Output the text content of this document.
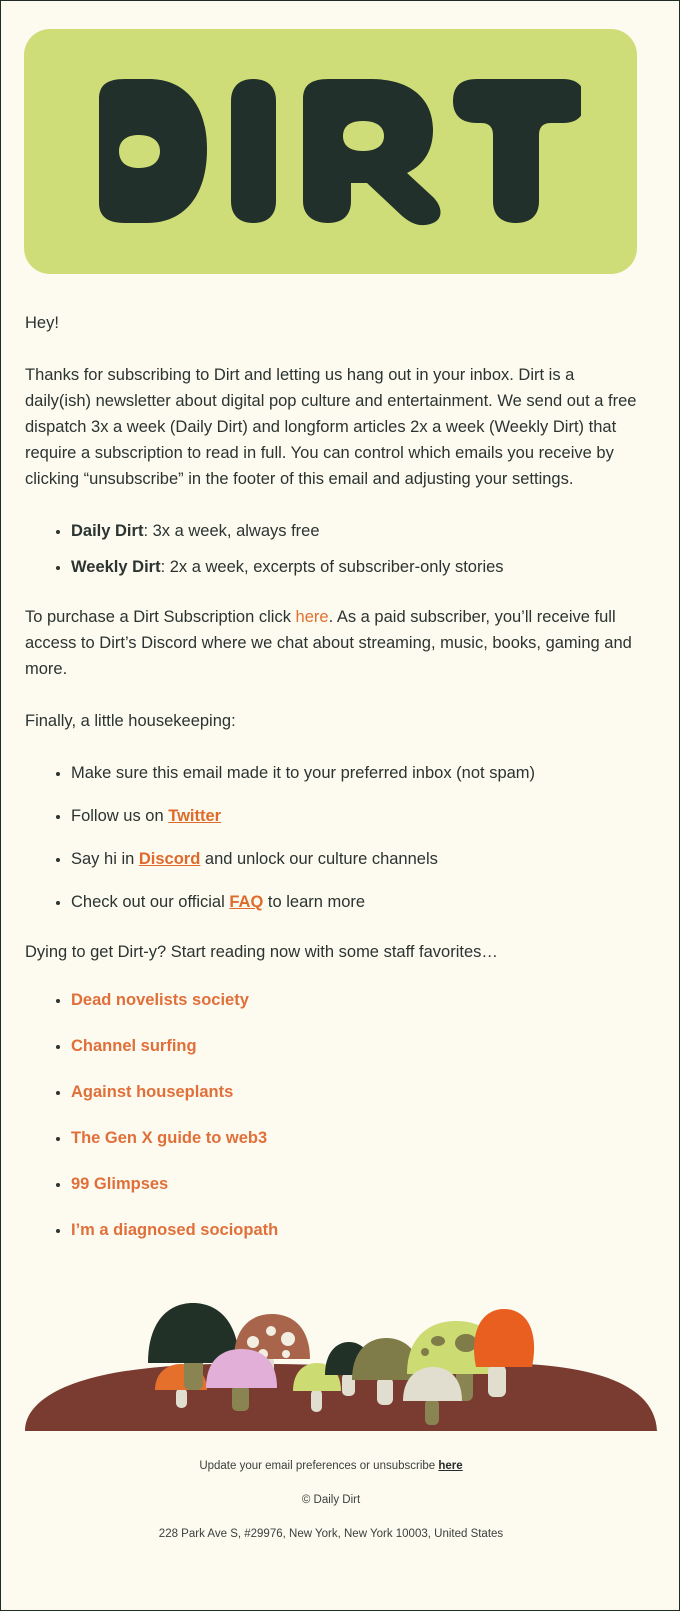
Hey!

Thanks for subscribing to Dirt and letting us hang out in your inbox. Dirt is a daily(ish) newsletter about digital pop culture and entertainment. We send out a free dispatch 3x a week (Daily Dirt) and longform articles 2x a week (Weekly Dirt) that require a subscription to read in full. You can control which emails you receive by clicking “unsubscribe” in the footer of this email and adjusting your settings.

• Daily Dirt: 3x a week, always free
• Weekly Dirt: 2x a week, excerpts of subscriber-only stories

To purchase a Dirt Subscription click here. As a paid subscriber, you’ll receive full access to Dirt’s Discord where we chat about streaming, music, books, gaming and more.

Finally, a little housekeeping:

• Make sure this email made it to your preferred inbox (not spam)
• Follow us on Twitter
• Say hi in Discord and unlock our culture channels
• Check out our official FAQ to learn more

Dying to get Dirt-y? Start reading now with some staff favorites…

• Dead novelists society
• Channel surfing
• Against houseplants
• The Gen X guide to web3
• 99 Glimpses
• I’m a diagnosed sociopath

Update your email preferences or unsubscribe here

© Daily Dirt

228 Park Ave S, #29976, New York, New York 10003, United States
